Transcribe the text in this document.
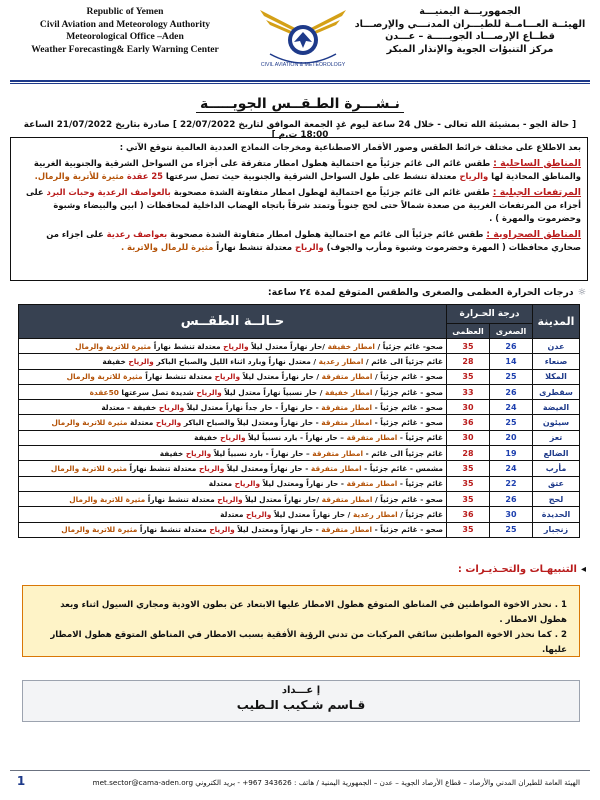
Republic of Yemen
Civil Aviation and Meteorology Authority
Meteorological Office –Aden
Weather Forecasting& Early Warning Center
CIVIL AVIATION & METEOROLOGY
الجمهوريـــة اليمنيـــة
الهيئــة العـــامــة للطيـــران المدنـــي والإرصـــاد
قطــاع الإرصـــاد الجويـــــة – عـــدن
مركز التنبؤات الجوية والإنذار المبكر
نـشـــرة الطـقــس الجويـــــة
[ حالة الجو - بمشيئة الله تعالى - خلال 24 ساعة ليوم غدٍ الجمعة الموافق لتاريخ 22/07/2022 ] صادرة بتاريخ 21/07/2022 الساعة 18:00 ت.م ]

بعد الاطلاع على مختلف خرائط الطقس وصور الأقمار الاصطناعية ومخرجات النماذج العددية العالمية نتوقع الآتي :

المناطق الساحلية : طقس غائم الى غائم جزئياً مع احتمالية هطول امطار متفرقة على أجزاء من السواحل الشرقية والجنوبية الغربية والمناطق المحاذية لها والرياح معتدلة تنشط على طول السواحل الشرقية والجنوبية حيث تصل سرعتها 25 عقدة مثيرة للأتربة والرمال.

المرتفعات الجبلية : طقس غائم الى غائم جزئياً مع احتمالية لهطول امطار متفاوتة الشدة مصحوبة بالعواصف الرعدية وحبات البرد على أجزاء من المرتفعات الغربية من صعدة شمالاً حتى لحج جنوباً وتمتد شرقاً باتجاه الهضاب الداخلية لمحافظات ( ابين والبيضاء وشبوة وحضرموت والمهرة ) .

المناطق الصحراوية : طقس غائم جزئياً الى غائم مع احتمالية هطول امطار متفاوتة الشدة مصحوبة بعواصف رعدية على اجزاء من صحاري محافظات ( المهرة وحضرموت وشبوة ومأرب والجوف) والرياح معتدلة تنشط نهاراً مثيرة للرمال والاتربة .

☼درجات الحرارة العظمى والصغرى والطقس المتوقع لمدة ٢٤ ساعة:
المدينة	درجة الحـرارة		حـالــة الطقــس
	الصغرى	العظمى	
عدن	26	35	صحو- غائم جزئياً / امطار خفيفة /حار نهاراً معتدل ليلاً والرياح معتدلة تنشط نهاراً مثيرة للاتربة والرمال
صنعاء	14	28	غائم جزئياً الى غائم / امطار رعدية / معتدل نهاراً وبارد اثناء الليل والصباح الباكر والرياح خفيفة
المكلا	25	35	صحو - غائم جزئياً / امطار متفرقة / حار نهاراً معتدل ليلاً والرياح معتدلة تنشط نهاراً مثيرة للاتربة والرمال
سقطرى	26	33	صحو - غائم جزئياً / امطار خفيفة / حار نسبياً نهاراً معتدل ليلاً والرياح شديدة تصل سرعتها 50عقدة
الغيضة	24	30	صحو - غائم جزئياً - امطار متفرقة - حار نهاراً - حار جداً نهاراً معتدل ليلاً والرياح خفيفة - معتدلة
سيئون	25	36	صحو - غائم جزئياً - امطار متفرقة - حار نهاراً ومعتدل ليلاً والصباح الباكر والرياح معتدلة مثيرة للاتربة والرمال
تعز	20	30	غائم جزئياً - امطار متفرقة – حار نهاراً - بارد نسبياً ليلاً والرياح خفيفة
الضالع	19	28	غائم جزئياً الى غائم - امطار متفرقة – حار نهاراً - بارد نسبياً ليلاً والرياح خفيفة
مأرب	24	35	مشمس - غائم جزئياً - امطار متفرقة - حار نهاراً ومعتدل ليلاً والرياح معتدلة تنشط نهاراً مثيرة للاتربة والرمال
عتق	22	35	غائم جزئياً - امطار متفرقة - حار نهاراً ومعتدل ليلاً والرياح معتدلة
لحج	26	35	صحو - غائم جزئياً / امطار متفرقة /حار نهاراً معتدل ليلاً والرياح معتدلة تنشط نهاراً مثيرة للاتربة والرمال
الحديدة	30	36	غائم جزئياً / امطار رعدية / حار نهاراً معتدل ليلاً والرياح معتدلة
زنجبار	25	35	صحو - غائم جزئياً - امطار متفرقة - حار نهاراً ومعتدل ليلاً والرياح معتدلة تنشط نهاراً مثيرة للاتربة والرمال
◂التنبيهـات والتحـذيـرات :

1 . نحذر الاخوة المواطنين في المناطق المتوقع هطول الامطار عليها الابتعاد عن بطون الاودية ومجاري السيول اثناء وبعد هطول الامطار .

2 . كما نحذر الاخوة المواطنين سائقي المركبات من تدني الرؤية الأفقية بسبب الامطار في المناطق المتوقع هطول الامطار عليها.

إ عـــداد
قـاسم شـكيب الـطيب
الهيئة العامة للطيران المدني والأرصاد – قطاع الأرصاد الجوية – عدن – الجمهورية اليمنية / هاتف : 343626 967+ - بريد الكتروني met.sector@cama-aden.org
1
